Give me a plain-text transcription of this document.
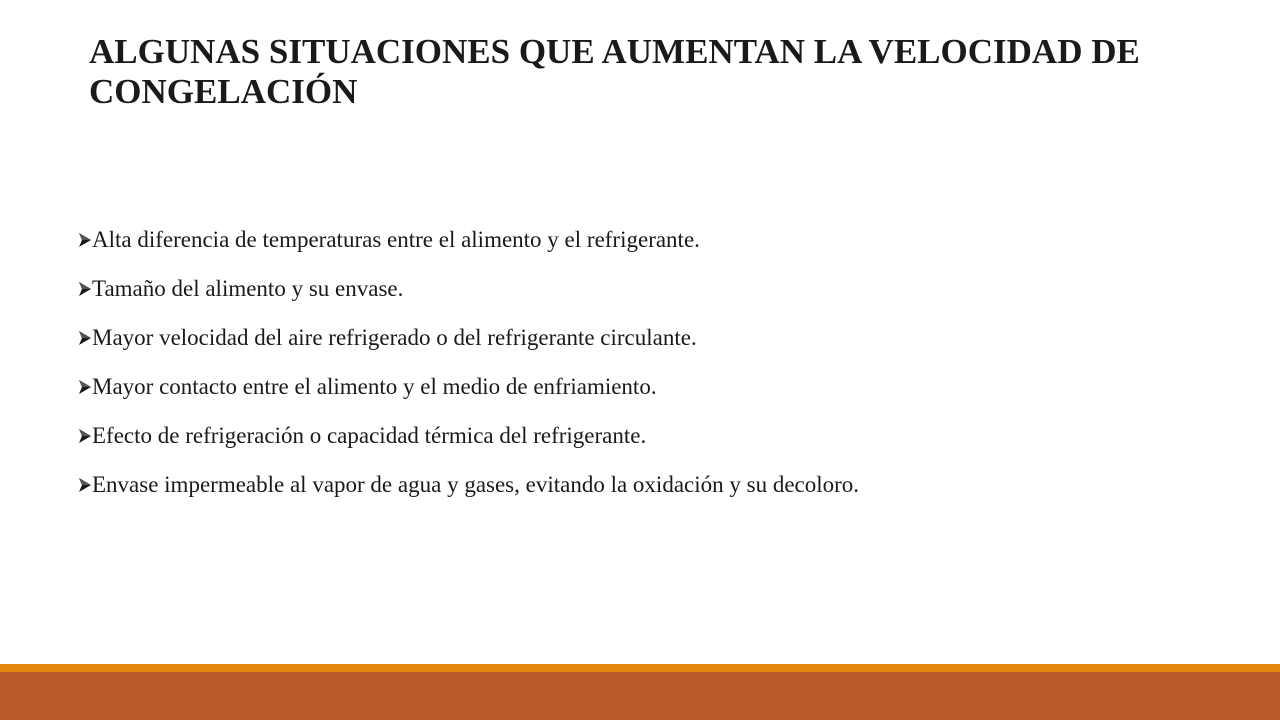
ALGUNAS SITUACIONES QUE AUMENTAN LA VELOCIDAD DE
CONGELACIÓN
Alta diferencia de temperaturas entre el alimento y el refrigerante.
Tamaño del alimento y su envase.
Mayor velocidad del aire refrigerado o del refrigerante circulante.
Mayor contacto entre el alimento y el medio de enfriamiento.
Efecto de refrigeración o capacidad térmica del refrigerante.
Envase impermeable al vapor de agua y gases, evitando la oxidación y su decoloro.
